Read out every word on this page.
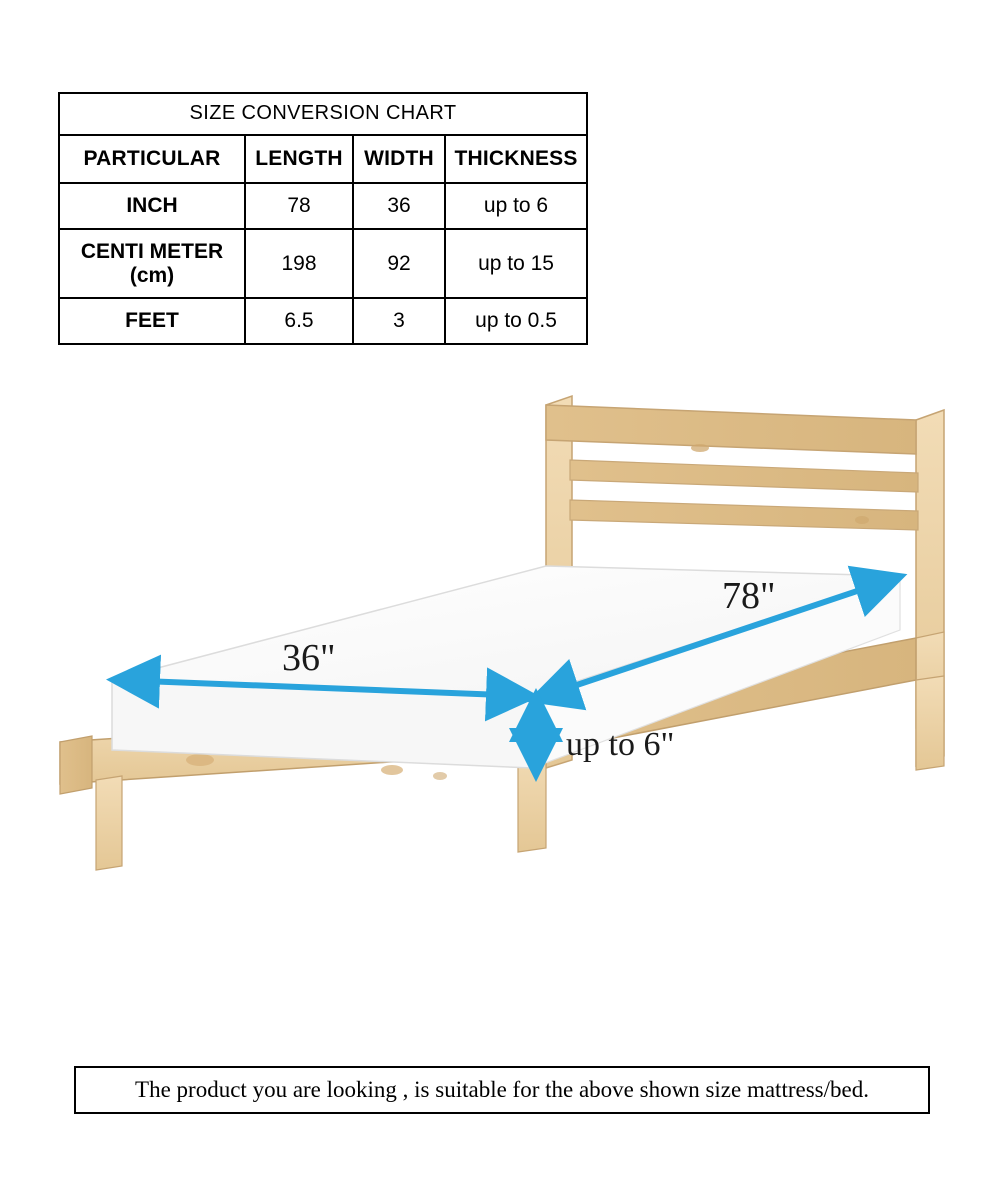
SIZE CONVERSION CHART			
PARTICULAR	LENGTH	WIDTH	THICKNESS
INCH	78	36	up to 6

CENTI METER
(cm)	198	92	up to 15
FEET	6.5	3	up to 0.5
36"
78"
up to 6"
The product you are looking , is suitable for the above shown size mattress/bed.
